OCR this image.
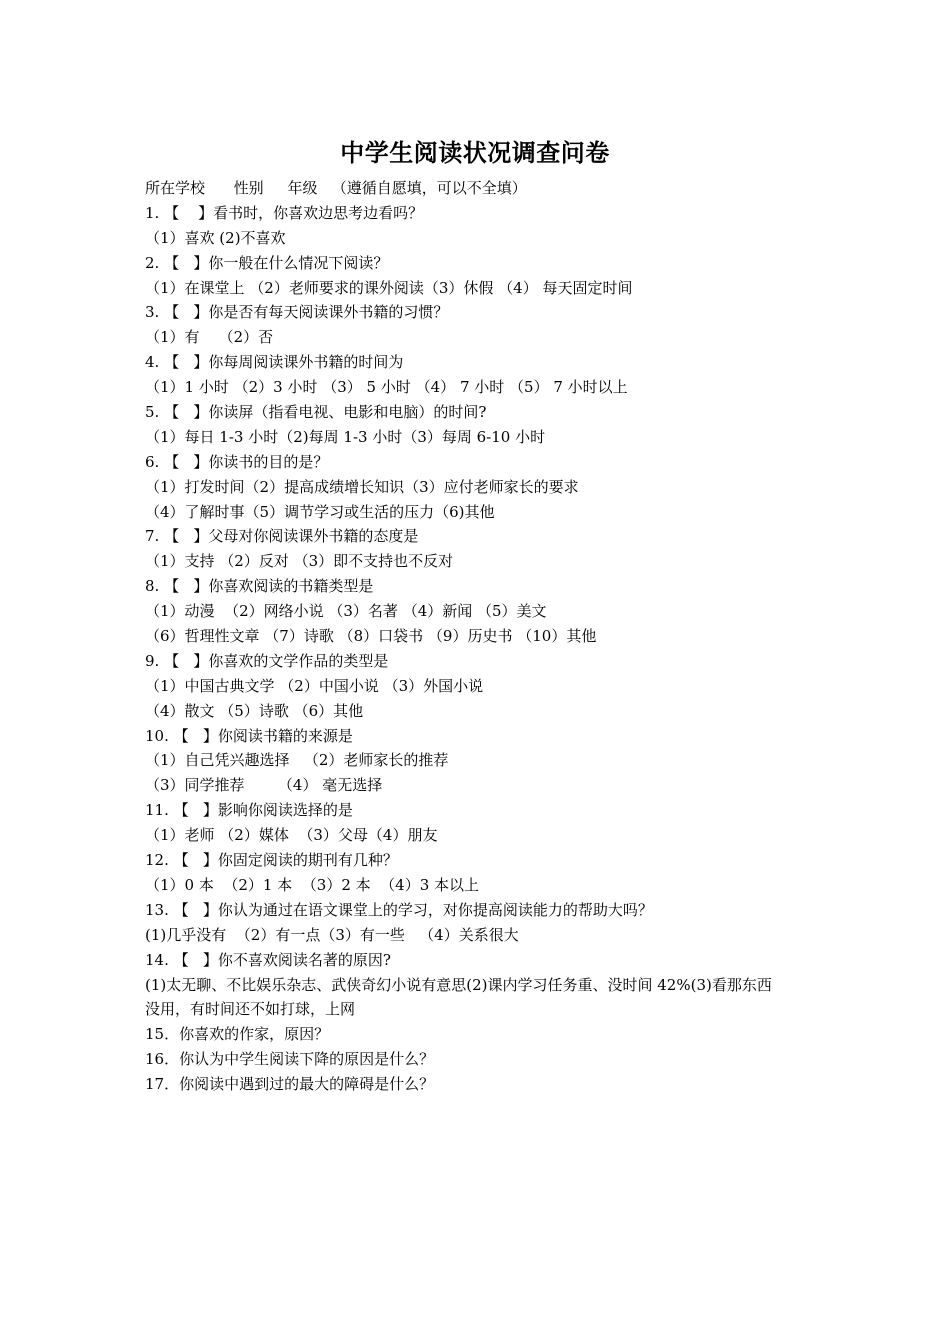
中学生阅读状况调查问卷
所在学校      性别     年级   （遵循自愿填，可以不全填）
1. 【    】看书时，你喜欢边思考边看吗？
（1）喜欢 (2)不喜欢
2. 【   】你一般在什么情况下阅读？
（1）在课堂上 （2）老师要求的课外阅读（3）休假 （4） 每天固定时间
3. 【   】你是否有每天阅读课外书籍的习惯？
（1）有    （2）否
4. 【   】你每周阅读课外书籍的时间为
（1）1 小时 （2）3 小时 （3） 5 小时 （4） 7 小时 （5） 7 小时以上
5. 【   】你读屏（指看电视、电影和电脑）的时间?
（1）每日 1-3 小时（2)每周 1-3 小时（3）每周 6-10 小时
6. 【   】你读书的目的是？
（1）打发时间（2）提高成绩增长知识（3）应付老师家长的要求
（4）了解时事（5）调节学习或生活的压力（6)其他
7. 【   】父母对你阅读课外书籍的态度是
（1）支持 （2）反对 （3）即不支持也不反对
8. 【   】你喜欢阅读的书籍类型是
（1）动漫  （2）网络小说 （3）名著 （4）新闻 （5）美文
（6）哲理性文章 （7）诗歌 （8）口袋书 （9）历史书 （10）其他
9. 【   】你喜欢的文学作品的类型是
（1）中国古典文学 （2）中国小说 （3）外国小说
（4）散文 （5）诗歌 （6）其他
10. 【   】你阅读书籍的来源是
（1）自己凭兴趣选择   （2）老师家长的推荐
（3）同学推荐       （4） 毫无选择
11. 【   】影响你阅读选择的是
（1）老师 （2）媒体  （3）父母（4）朋友
12. 【   】你固定阅读的期刊有几种？
（1）0 本  （2）1 本  （3）2 本  （4）3 本以上
13. 【   】你认为通过在语文课堂上的学习，对你提高阅读能力的帮助大吗？
(1)几乎没有  （2）有一点（3）有一些   （4）关系很大
14. 【   】你不喜欢阅读名著的原因?
(1)太无聊、不比娱乐杂志、武侠奇幻小说有意思(2)课内学习任务重、没时间 42%(3)看那东西
没用，有时间还不如打球，上网
15．你喜欢的作家，原因？
16．你认为中学生阅读下降的原因是什么？
17．你阅读中遇到过的最大的障碍是什么？
